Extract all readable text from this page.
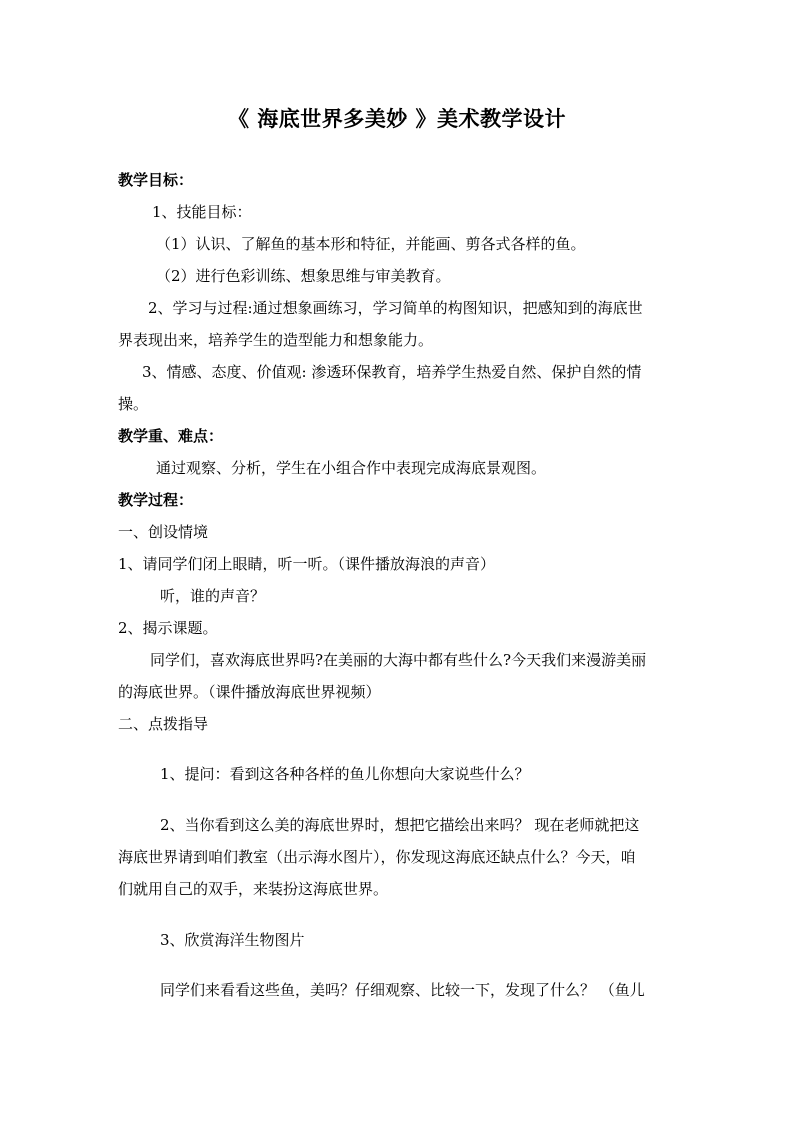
《 海底世界多美妙 》美术教学设计
教学目标：
1、技能目标：
（1）认识、了解鱼的基本形和特征，并能画、剪各式各样的鱼。
（2）进行色彩训练、想象思维与审美教育。
2、学习与过程:通过想象画练习，学习简单的构图知识，把感知到的海底世
界表现出来，培养学生的造型能力和想象能力。
3、情感、态度、价值观: 渗透环保教育，培养学生热爱自然、保护自然的情
操。
教学重、难点：
通过观察、分析，学生在小组合作中表现完成海底景观图。
教学过程：
一、创设情境
1、请同学们闭上眼睛，听一听。（课件播放海浪的声音）
听，谁的声音？
2、揭示课题。
同学们，喜欢海底世界吗?在美丽的大海中都有些什么?今天我们来漫游美丽
的海底世界。（课件播放海底世界视频）
二、点拨指导
1、提问：看到这各种各样的鱼儿你想向大家说些什么？
2、当你看到这么美的海底世界时，想把它描绘出来吗？ 现在老师就把这
海底世界请到咱们教室（出示海水图片），你发现这海底还缺点什么？今天，咱
们就用自己的双手，来装扮这海底世界。
3、欣赏海洋生物图片
同学们来看看这些鱼，美吗？仔细观察、比较一下，发现了什么？ （鱼儿
